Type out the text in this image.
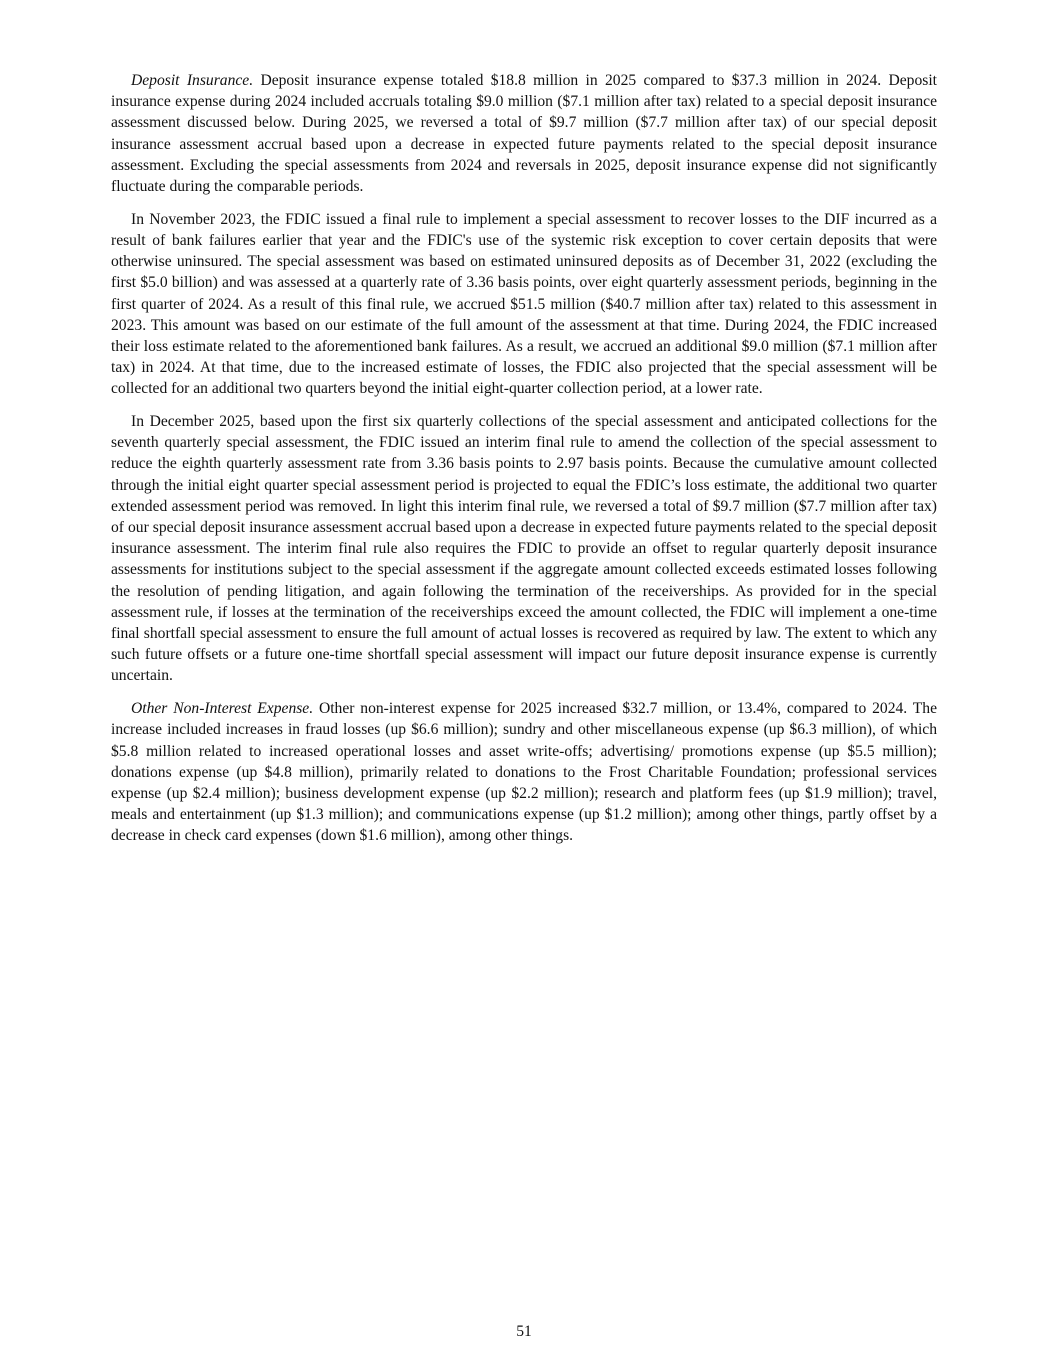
Deposit Insurance. Deposit insurance expense totaled $18.8 million in 2025 compared to $37.3 million in 2024. Deposit insurance expense during 2024 included accruals totaling $9.0 million ($7.1 million after tax) related to a special deposit insurance assessment discussed below. During 2025, we reversed a total of $9.7 million ($7.7 million after tax) of our special deposit insurance assessment accrual based upon a decrease in expected future payments related to the special deposit insurance assessment. Excluding the special assessments from 2024 and reversals in 2025, deposit insurance expense did not significantly fluctuate during the comparable periods.

In November 2023, the FDIC issued a final rule to implement a special assessment to recover losses to the DIF incurred as a result of bank failures earlier that year and the FDIC's use of the systemic risk exception to cover certain deposits that were otherwise uninsured. The special assessment was based on estimated uninsured deposits as of December 31, 2022 (excluding the first $5.0 billion) and was assessed at a quarterly rate of 3.36 basis points, over eight quarterly assessment periods, beginning in the first quarter of 2024. As a result of this final rule, we accrued $51.5 million ($40.7 million after tax) related to this assessment in 2023. This amount was based on our estimate of the full amount of the assessment at that time. During 2024, the FDIC increased their loss estimate related to the aforementioned bank failures. As a result, we accrued an additional $9.0 million ($7.1 million after tax) in 2024. At that time, due to the increased estimate of losses, the FDIC also projected that the special assessment will be collected for an additional two quarters beyond the initial eight-quarter collection period, at a lower rate.

In December 2025, based upon the first six quarterly collections of the special assessment and anticipated collections for the seventh quarterly special assessment, the FDIC issued an interim final rule to amend the collection of the special assessment to reduce the eighth quarterly assessment rate from 3.36 basis points to 2.97 basis points. Because the cumulative amount collected through the initial eight quarter special assessment period is projected to equal the FDIC’s loss estimate, the additional two quarter extended assessment period was removed. In light this interim final rule, we reversed a total of $9.7 million ($7.7 million after tax) of our special deposit insurance assessment accrual based upon a decrease in expected future payments related to the special deposit insurance assessment. The interim final rule also requires the FDIC to provide an offset to regular quarterly deposit insurance assessments for institutions subject to the special assessment if the aggregate amount collected exceeds estimated losses following the resolution of pending litigation, and again following the termination of the receiverships. As provided for in the special assessment rule, if losses at the termination of the receiverships exceed the amount collected, the FDIC will implement a one-time final shortfall special assessment to ensure the full amount of actual losses is recovered as required by law. The extent to which any such future offsets or a future one-time shortfall special assessment will impact our future deposit insurance expense is currently uncertain.

Other Non-Interest Expense. Other non-interest expense for 2025 increased $32.7 million, or 13.4%, compared to 2024. The increase included increases in fraud losses (up $6.6 million); sundry and other miscellaneous expense (up $6.3 million), of which $5.8 million related to increased operational losses and asset write-offs; advertising/ promotions expense (up $5.5 million); donations expense (up $4.8 million), primarily related to donations to the Frost Charitable Foundation; professional services expense (up $2.4 million); business development expense (up $2.2 million); research and platform fees (up $1.9 million); travel, meals and entertainment (up $1.3 million); and communications expense (up $1.2 million); among other things, partly offset by a decrease in check card expenses (down $1.6 million), among other things.

51
